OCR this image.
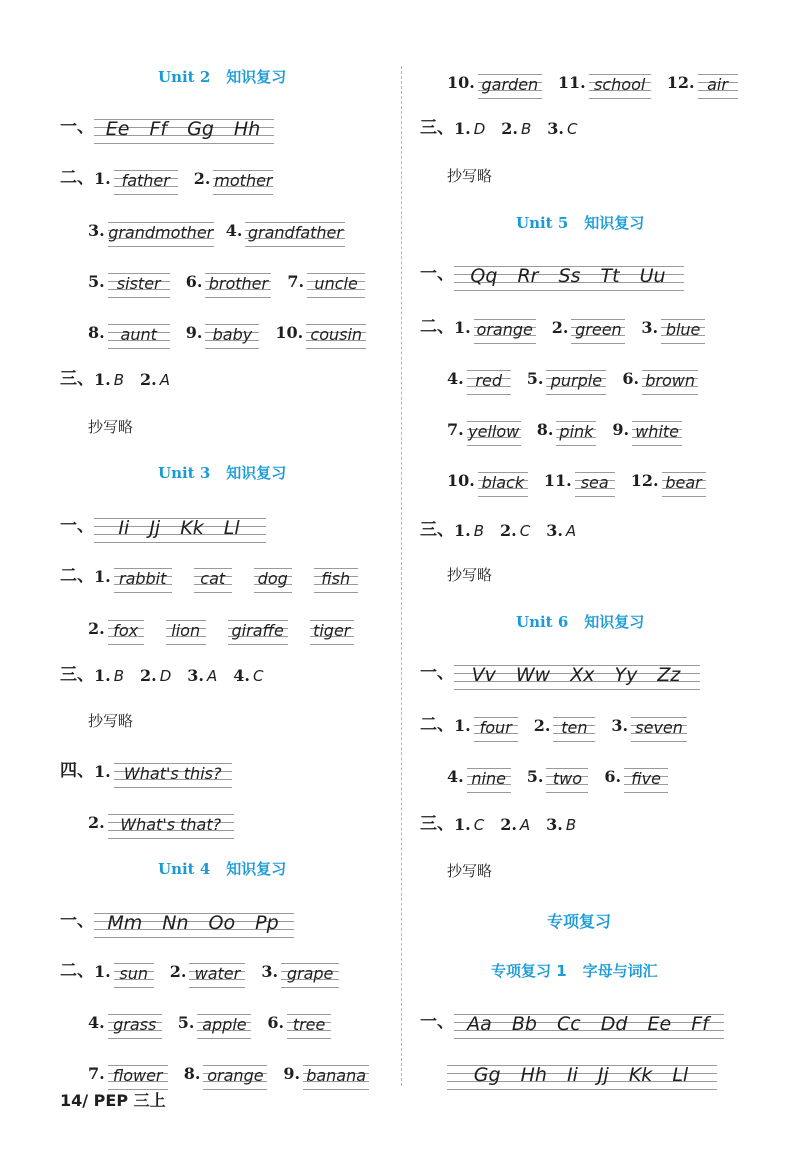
Unit 2 知识复习
一、 Ee Ff Gg Hh
二、 1. father	2. mother
3. grandmother 4. grandfather
5. sister	6. brother 7. uncle
8. aunt	9. baby	10. cousin
三、 1. B 2. A
抄写略
Unit 3 知识复习
一、	Ii Jj Kk Ll
二、 1. rabbit	cat	dog	fish
2. fox	lion	giraffe tiger
三、 1. B 2. D 3. A 4. C
抄写略
四、 1. What's this?
2. What's that?
Unit 4 知识复习
一、 Mm Nn Oo Pp
二、 1. sun	2. water	3. grape
4. grass	5. apple 6. tree
7. flower	8. orange 9. banana
10. garden 11. school	12. air
三、 1. D 2. B 3. C
抄写略
Unit 5 知识复习
一、 Qq Rr Ss Tt Uu
二、 1. orange 2. green 3. blue
4. red	5. purple 6. brown
7. yellow 8. pink 9. white
10. black 11. sea	12. bear
三、 1. B 2. C 3. A
抄写略
Unit 6 知识复习
一、 Vv Ww Xx Yy Zz
二、 1. four	2. ten	3. seven
4. nine 5. two	6. five
三、 1. C 2. A 3. B
抄写略
专项复习
专项复习 1 字母与词汇
一、 Aa Bb Cc Dd Ee Ff
Gg Hh Ii Jj Kk Ll
14/ PEP 三上
